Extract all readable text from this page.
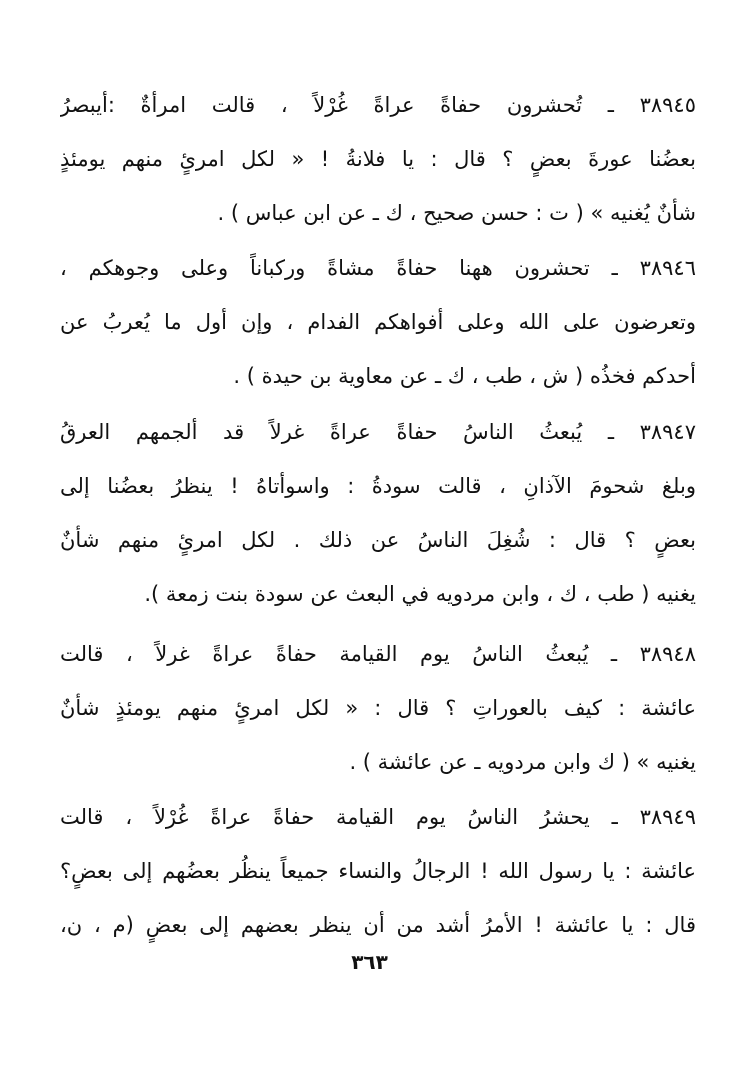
٣٨٩٤٥ ـ تُحشرون حفاةً عراةً غُرْلاً ، قالت امرأةٌ :أيبصرُ
بعضُنا عورةَ بعضٍ ؟ قال : يا فلانةُ ! « لكل امرئٍ منهم يومئذٍ
شأنٌ يُغنيه » ( ت : حسن صحيح ، ك ـ عن ابن عباس ) .
٣٨٩٤٦ ـ تحشرون ههنا حفاةً مشاةً وركباناً وعلى وجوهكم ،
وتعرضون على الله وعلى أفواهكم الفدام ، وإن أول ما يُعربُ عن
أحدكم فخذُه ( ش ، طب ، ك ـ عن معاوية بن حيدة ) .
٣٨٩٤٧ ـ يُبعثُ الناسُ حفاةً عراةً غرلاً قد ألجمهم العرقُ
وبلغ شحومَ الآذانِ ، قالت سودةُ : واسوأتاهُ ! ينظرُ بعضُنا إلى
بعضٍ ؟ قال : شُغِلَ الناسُ عن ذلك . لكل امرئٍ منهم شأنٌ
يغنيه ( طب ، ك ، وابن مردويه في البعث عن سودة بنت زمعة ).
٣٨٩٤٨ ـ يُبعثُ الناسُ يوم القيامة حفاةً عراةً غرلاً ، قالت
عائشة : كيف بالعوراتِ ؟ قال : « لكل امرئٍ منهم يومئذٍ شأنٌ
يغنيه » ( ك وابن مردويه ـ عن عائشة ) .
٣٨٩٤٩ ـ يحشرُ الناسُ يوم القيامة حفاةً عراةً غُرْلاً ، قالت
عائشة : يا رسول الله ! الرجالُ والنساء جميعاً ينظُر بعضُهم إلى بعضٍ؟
قال : يا عائشة ! الأمرُ أشد من أن ينظر بعضهم إلى بعضٍ (م ، ن،
٣٦٣
